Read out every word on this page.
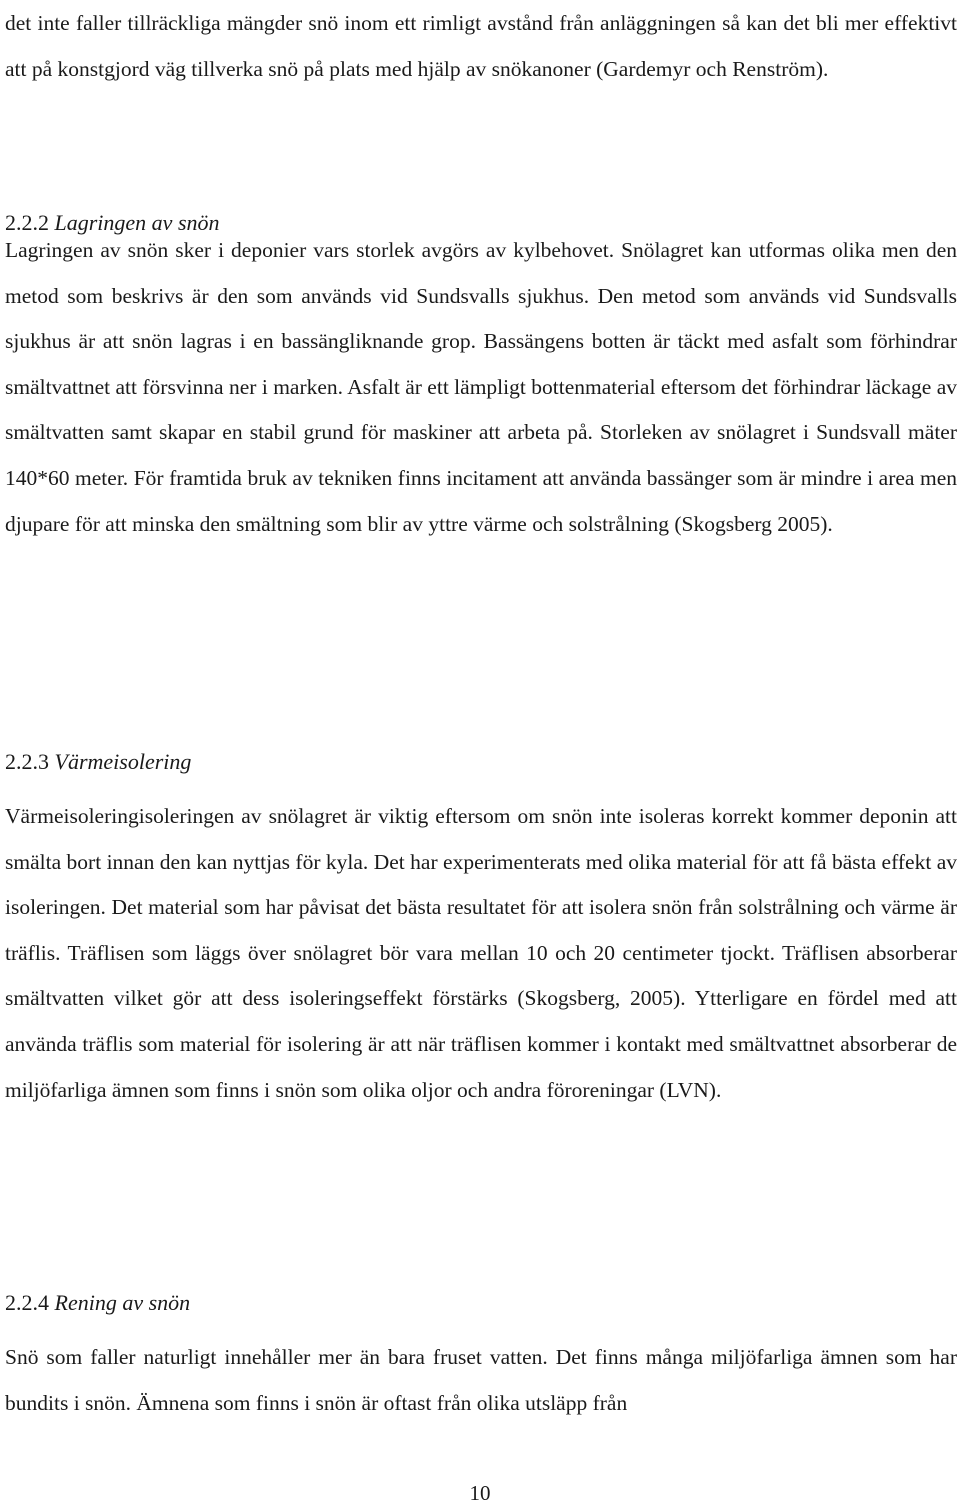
det inte faller tillräckliga mängder snö inom ett rimligt avstånd från anläggningen så kan det bli mer effektivt att på konstgjord väg tillverka snö på plats med hjälp av snökanoner (Gardemyr och Renström).

2.2.2 Lagringen av snön

Lagringen av snön sker i deponier vars storlek avgörs av kylbehovet. Snölagret kan utformas olika men den metod som beskrivs är den som används vid Sundsvalls sjukhus. Den metod som används vid Sundsvalls sjukhus är att snön lagras i en bassängliknande grop. Bassängens botten är täckt med asfalt som förhindrar smältvattnet att försvinna ner i marken. Asfalt är ett lämpligt bottenmaterial eftersom det förhindrar läckage av smältvatten samt skapar en stabil grund för maskiner att arbeta på. Storleken av snölagret i Sundsvall mäter 140*60 meter. För framtida bruk av tekniken finns incitament att använda bassänger som är mindre i area men djupare för att minska den smältning som blir av yttre värme och solstrålning (Skogsberg 2005).

2.2.3 Värmeisolering

Värmeisoleringisoleringen av snölagret är viktig eftersom om snön inte isoleras korrekt kommer deponin att smälta bort innan den kan nyttjas för kyla. Det har experimenterats med olika material för att få bästa effekt av isoleringen. Det material som har påvisat det bästa resultatet för att isolera snön från solstrålning och värme är träflis. Träflisen som läggs över snölagret bör vara mellan 10 och 20 centimeter tjockt. Träflisen absorberar smältvatten vilket gör att dess isoleringseffekt förstärks (Skogsberg, 2005). Ytterligare en fördel med att använda träflis som material för isolering är att när träflisen kommer i kontakt med smältvattnet absorberar de miljöfarliga ämnen som finns i snön som olika oljor och andra föroreningar (LVN).

2.2.4 Rening av snön

Snö som faller naturligt innehåller mer än bara fruset vatten. Det finns många miljöfarliga ämnen som har bundits i snön. Ämnena som finns i snön är oftast från olika utsläpp från

10
